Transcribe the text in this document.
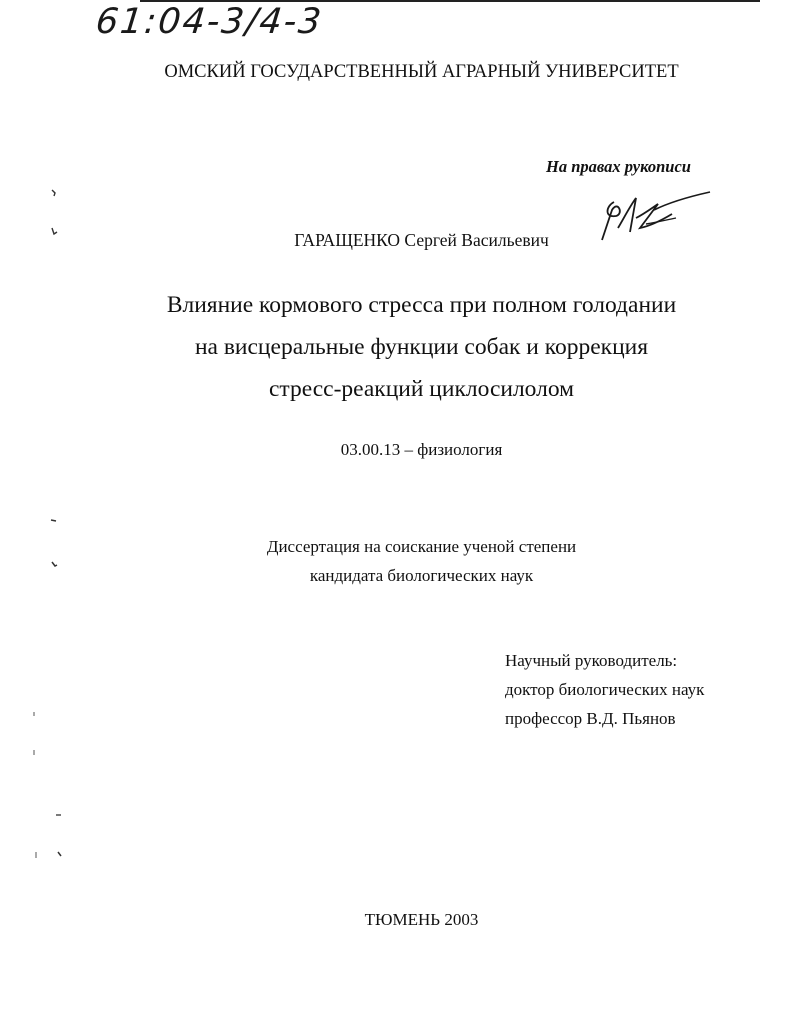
61:04-3/4-3
ОМСКИЙ ГОСУДАРСТВЕННЫЙ АГРАРНЫЙ УНИВЕРСИТЕТ
На правах рукописи
ГАРАЩЕНКО Сергей Васильевич
Влияние кормового стресса при полном голодании
на висцеральные функции собак и коррекция
стресс-реакций циклосилолом
03.00.13 – физиология
Диссертация на соискание ученой степени
кандидата биологических наук
Научный руководитель:
доктор биологических наук
профессор В.Д. Пьянов
ТЮМЕНЬ 2003
